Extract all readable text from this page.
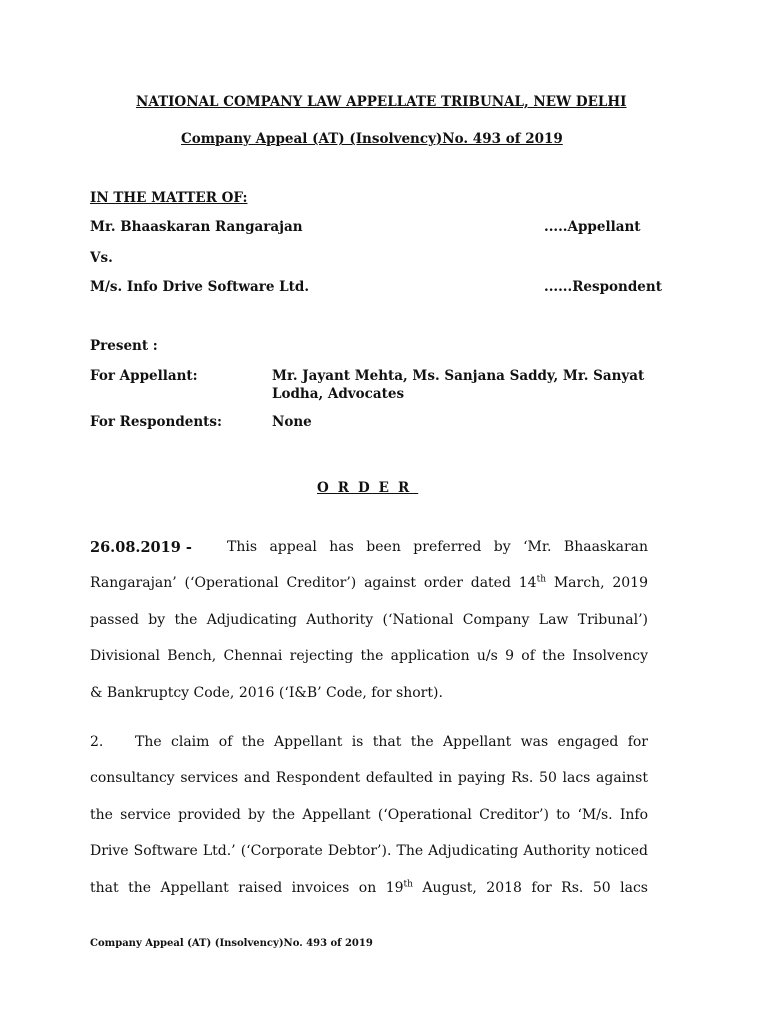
NATIONAL COMPANY LAW APPELLATE TRIBUNAL, NEW DELHI
Company Appeal (AT) (Insolvency)No. 493 of 2019
IN THE MATTER OF:
Mr. Bhaaskaran Rangarajan	.....Appellant
Vs.
M/s. Info Drive Software Ltd.	......Respondent
Present :
For Appellant:	Mr. Jayant Mehta, Ms. Sanjana Saddy, Mr. Sanyat
Lodha, Advocates
For Respondents:	None
ORDER
26.08.2019 -	This appeal has been preferred by ‘Mr. Bhaaskaran
Rangarajan’ (‘Operational Creditor’) against order dated 14th March, 2019
passed by the Adjudicating Authority (‘National Company Law Tribunal’)
Divisional Bench, Chennai rejecting the application u/s 9 of the Insolvency
& Bankruptcy Code, 2016 (‘I&B’ Code, for short).
2. The claim of the Appellant is that the Appellant was engaged for
consultancy services and Respondent defaulted in paying Rs. 50 lacs against
the service provided by the Appellant (‘Operational Creditor’) to ‘M/s. Info
Drive Software Ltd.’ (‘Corporate Debtor’). The Adjudicating Authority noticed
that the Appellant raised invoices on 19th August, 2018 for Rs. 50 lacs
Company Appeal (AT) (Insolvency)No. 493 of 2019
